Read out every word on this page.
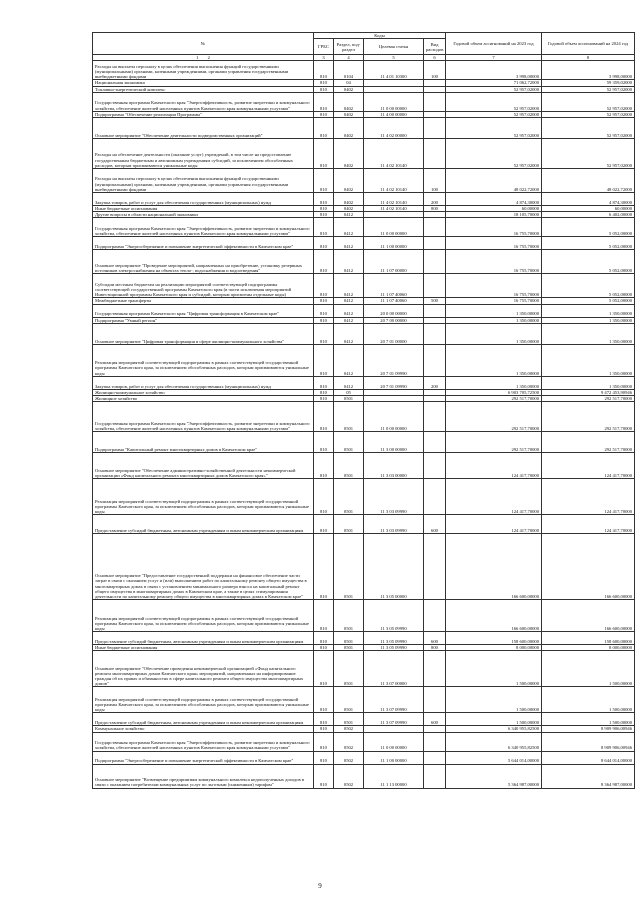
№	Коды				Годовой объем ассигнований на 2023 год	Годовой объем ассигнований на 2024 год
	ГРБС	Раздел, под-раздел	Целевая статья	Вид расходов		
1 2	3	4	5	6	7	8
Расходы на выплаты персоналу в целях обеспечения выполнения функций государственными (муниципальными) органами, казенными учреждениями, органами управления государственными внебюджетными фондами	810	0104	11 4 01 10300	100	3 998,00000	3 998,00000
Национальная экономика	810	04			71 062,72000	59 359,02000
Топливно-энергетический комплекс	810	0402			52 957,02000	52 957,02000
Государственная программа Камчатского края "Энергоэффективность, развитие энергетики и коммунального хозяйства, обеспечение жителей населенных пунктов Камчатского края коммунальными услугами"	810	0402	11 0 00 00000		52 957,02000	52 957,02000
Подпрограмма "Обеспечение реализации Программы"	810	0402	11 4 00 00000		52 957,02000	52 957,02000
Основное мероприятие "Обеспечение деятельности подведомственных организаций"	810	0402	11 4 02 00000		52 957,02000	52 957,02000
Расходы на обеспечение деятельности (оказание услуг) учреждений, в том числе на предоставление государственным бюджетным и автономным учреждениям субсидий, за исключением обособленных расходов, которым присваиваются уникальные коды	810	0402	11 4 02 10140		52 957,02000	52 957,02000
Расходы на выплаты персоналу в целях обеспечения выполнения функций государственными (муниципальными) органами, казенными учреждениями, органами управления государственными внебюджетными фондами	810	0402	11 4 02 10140	100	48 022,72000	48 022,72000
Закупка товаров, работ и услуг для обеспечения государственных (муниципальных) нужд	810	0402	11 4 02 10140	200	4 874,30000	4 874,30000
Иные бюджетные ассигнования	810	0402	11 4 02 10140	800	60,00000	60,00000
Другие вопросы в области национальной экономики	810	0412			18 105,70000	6 402,00000
Государственная программа Камчатского края "Энергоэффективность, развитие энергетики и коммунального хозяйства, обеспечение жителей населенных пунктов Камчатского края коммунальными услугами"	810	0412	11 0 00 00000		16 755,70000	5 052,00000
Подпрограмма "Энергосбережение и повышение энергетической эффективности в Камчатском крае"	810	0412	11 1 00 00000		16 755,70000	5 052,00000
Основное мероприятие "Проведение мероприятий, направленных на приобретение, установку резервных источников электроснабжения на объектах тепло-, водоснабжения и водоотведения"	810	0412	11 1 07 00000		16 755,70000	5 052,00000
Субсидии местным бюджетам на реализацию мероприятий соответствующей подпрограммы соответствующей государственной программы Камчатского края (в части исключения мероприятий Инвестиционной программы Камчатского края и субсидий, которым присвоены отдельные коды)	810	0412	11 1 07 40060		16 755,70000	5 052,00000
Межбюджетные трансферты	810	0412	11 1 07 40060	500	16 755,70000	5 052,00000
Государственная программа Камчатского края "Цифровая трансформация в Камчатском крае"	810	0412	20 0 00 00000		1 350,00000	1 350,00000
Подпрограмма "Умный регион"	810	0412	20 7 00 00000		1 350,00000	1 350,00000
Основное мероприятие "Цифровая трансформация в сфере жилищно-коммунального хозяйства"	810	0412	20 7 01 00000		1 350,00000	1 350,00000
Реализация мероприятий соответствующей подпрограммы в рамках соответствующей государственной программы Камчатского края, за исключением обособленных расходов, которым присваиваются уникальные коды	810	0412	20 7 01 09990		1 350,00000	1 350,00000
Закупка товаров, работ и услуг для обеспечения государственных (муниципальных) нужд	810	0412	20 7 01 09990	200	1 350,00000	1 350,00000
Жилищно-коммунальное хозяйство	810	05			6 903 705,72500	9 472 453,90946
Жилищное хозяйство	810	0501			292 517,70000	292 517,70000
Государственная программа Камчатского края "Энергоэффективность, развитие энергетики и коммунального хозяйства, обеспечение жителей населенных пунктов Камчатского края коммунальными услугами"	810	0501	11 0 00 00000		292 517,70000	292 517,70000
Подпрограмма "Капитальный ремонт многоквартирных домов в Камчатском крае"	810	0501	11 3 00 00000		292 517,70000	292 517,70000
Основное мероприятие "Обеспечение административно-хозяйственной деятельности некоммерческой организации «Фонд капитального ремонта многоквартирных домов Камчатского края»"	810	0501	11 3 03 00000		124 417,70000	124 417,70000
Реализация мероприятий соответствующей подпрограммы в рамках соответствующей государственной программы Камчатского края, за исключением обособленных расходов, которым присваиваются уникальные коды	810	0501	11 3 03 09990		124 417,70000	124 417,70000
Предоставление субсидий бюджетным, автономным учреждениям и иным некоммерческим организациям	810	0501	11 3 03 09990	600	124 417,70000	124 417,70000
Основное мероприятие "Предоставление государственной поддержки на финансовое обеспечение части затрат в связи с оказанием услуг и (или) выполнением работ по капитальному ремонту общего имущества в многоквартирных домах в связи с установлением минимального размера взноса на капитальный ремонт общего имущества в многоквартирных домах в Камчатском крае, а также в целях стимулирования деятельности по капитальному ремонту общего имущества в многоквартирных домах в Камчатском крае"	810	0501	11 3 05 00000		166 600,00000	166 600,00000
Реализация мероприятий соответствующей подпрограммы в рамках соответствующей государственной программы Камчатского края, за исключением обособленных расходов, которым присваиваются уникальные коды	810	0501	11 3 05 09990		166 600,00000	166 600,00000
Предоставление субсидий бюджетным, автономным учреждениям и иным некоммерческим организациям	810	0501	11 3 05 09990	600	158 600,00000	158 600,00000
Иные бюджетные ассигнования	810	0501	11 3 05 09990	800	8 000,00000	8 000,00000
Основное мероприятие "Обеспечение проведения некоммерческой организацией «Фонд капитального ремонта многоквартирных домов Камчатского края» мероприятий, направленных на информирование граждан об их правах и обязанностях в сфере капитального ремонта общего имущества многоквартирных домов"	810	0501	11 3 07 00000		1 500,00000	1 500,00000
Реализация мероприятий соответствующей подпрограммы в рамках соответствующей государственной программы Камчатского края, за исключением обособленных расходов, которым присваиваются уникальные коды	810	0501	11 3 07 09990		1 500,00000	1 500,00000
Предоставление субсидий бюджетным, автономным учреждениям и иным некоммерческим организациям	810	0501	11 3 07 09990	600	1 500,00000	1 500,00000
Коммунальное хозяйство	810	0502			6 340 955,82500	8 909 906,00946
Государственная программа Камчатского края "Энергоэффективность, развитие энергетики и коммунального хозяйства, обеспечение жителей населенных пунктов Камчатского края коммунальными услугами"	810	0502	11 0 00 00000		6 340 955,82500	8 909 906,00946
Подпрограмма "Энергосбережение и повышение энергетической эффективности в Камчатском крае"	810	0502	11 1 00 00000		5 644 014,00000	8 644 014,00000
Основное мероприятие "Возмещение предприятиям коммунального комплекса недополученных доходов в связи с оказанием потребителям коммунальных услуг по льготным (сниженным) тарифам"	810	0502	11 1 13 00000		5 364 987,00000	8 364 987,00000
9
